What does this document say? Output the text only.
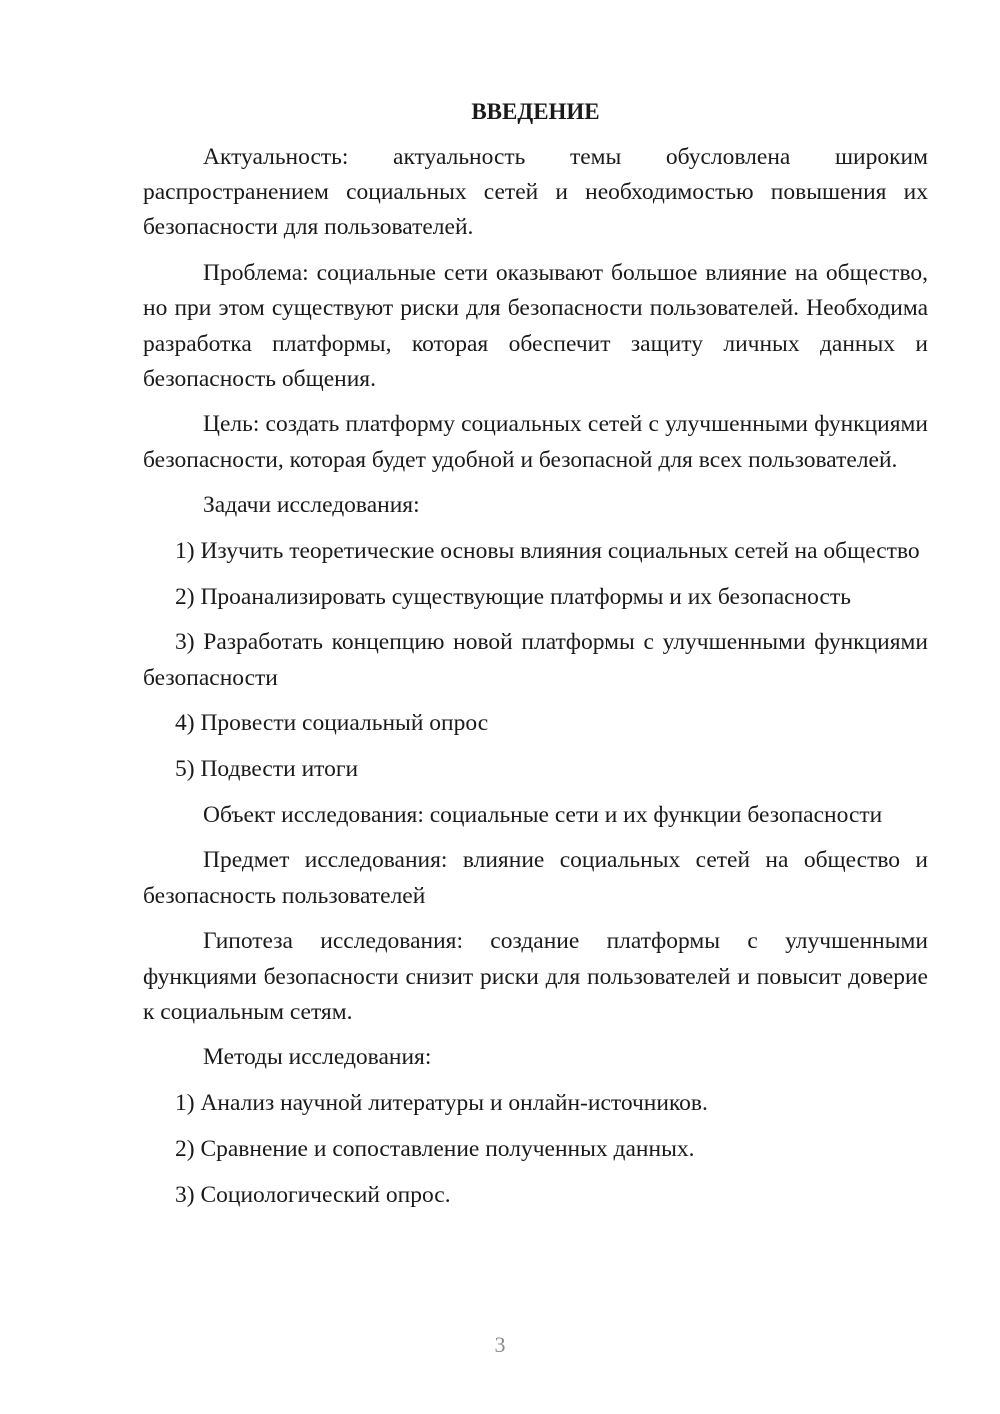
ВВЕДЕНИЕ

Актуальность: актуальность темы обусловлена широким распространением социальных сетей и необходимостью повышения их безопасности для пользователей.

Проблема: социальные сети оказывают большое влияние на общество, но при этом существуют риски для безопасности пользователей. Необходима разработка платформы, которая обеспечит защиту личных данных и безопасность общения.

Цель: создать платформу социальных сетей с улучшенными функциями безопасности, которая будет удобной и безопасной для всех пользователей.

Задачи исследования:

1) Изучить теоретические основы влияния социальных сетей на общество

2) Проанализировать существующие платформы и их безопасность

3) Разработать концепцию новой платформы с улучшенными функциями безопасности

4) Провести социальный опрос

5) Подвести итоги

Объект исследования: социальные сети и их функции безопасности

Предмет исследования: влияние социальных сетей на общество и безопасность пользователей

Гипотеза исследования: создание платформы с улучшенными функциями безопасности снизит риски для пользователей и повысит доверие к социальным сетям.

Методы исследования:

1) Анализ научной литературы и онлайн-источников.

2) Сравнение и сопоставление полученных данных.

3) Социологический опрос.

3
